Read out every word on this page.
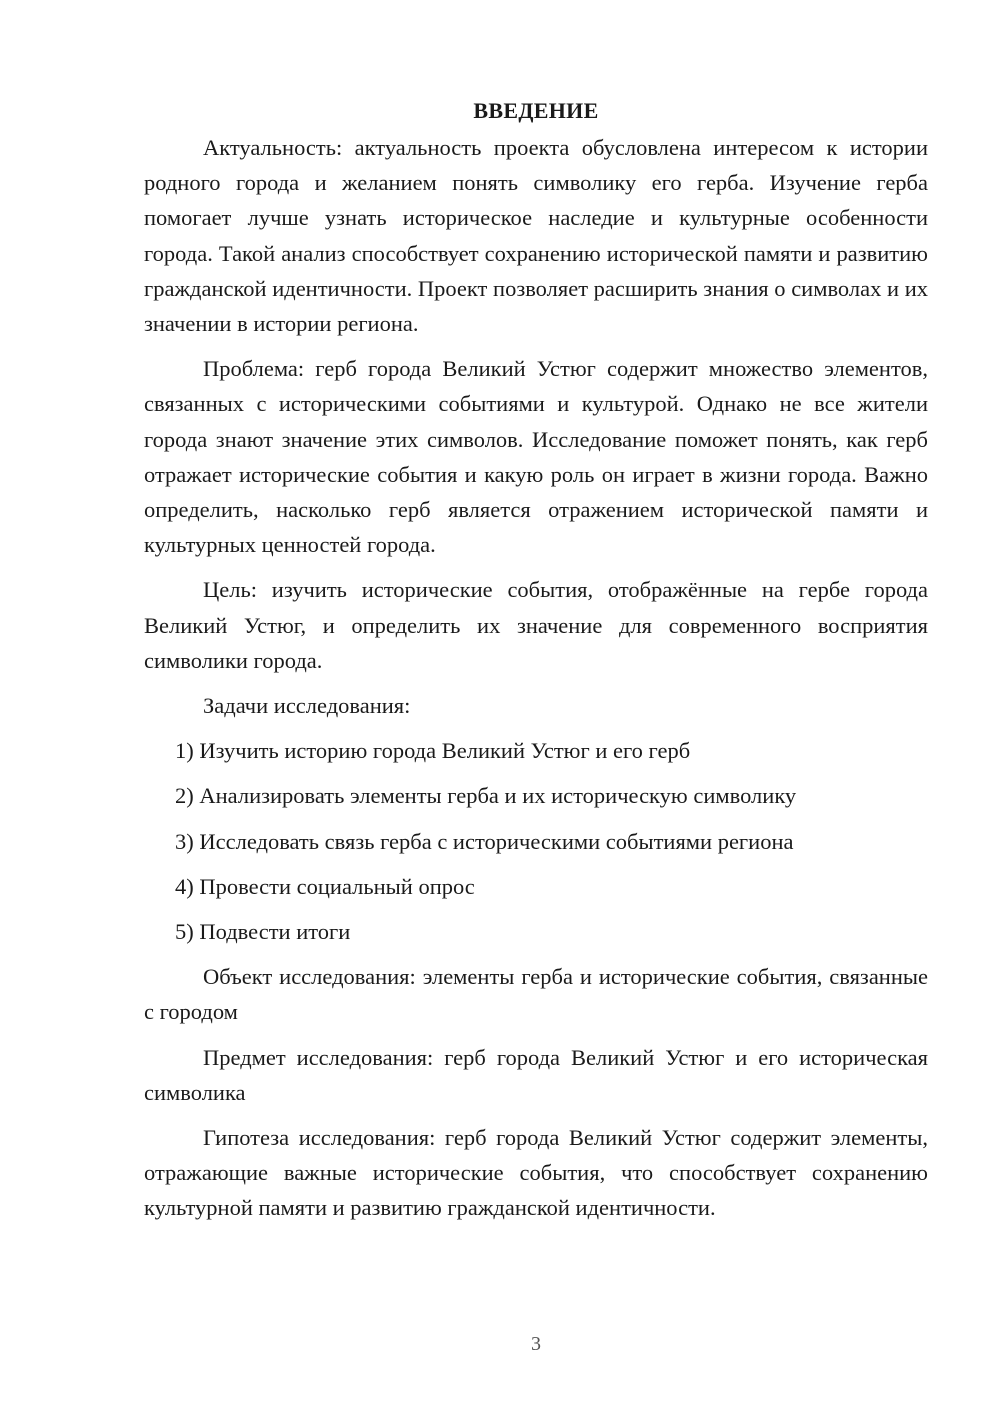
ВВЕДЕНИЕ

Актуальность: актуальность проекта обусловлена интересом к истории родного города и желанием понять символику его герба. Изучение герба помогает лучше узнать историческое наследие и культурные особенности города. Такой анализ способствует сохранению исторической памяти и развитию гражданской идентичности. Проект позволяет расширить знания о символах и их значении в истории региона.

Проблема: герб города Великий Устюг содержит множество элементов, связанных с историческими событиями и культурой. Однако не все жители города знают значение этих символов. Исследование поможет понять, как герб отражает исторические события и какую роль он играет в жизни города. Важно определить, насколько герб является отражением исторической памяти и культурных ценностей города.

Цель: изучить исторические события, отображённые на гербе города Великий Устюг, и определить их значение для современного восприятия символики города.

Задачи исследования:

1) Изучить историю города Великий Устюг и его герб
2) Анализировать элементы герба и их историческую символику
3) Исследовать связь герба с историческими событиями региона
4) Провести социальный опрос
5) Подвести итоги

Объект исследования: элементы герба и исторические события, связанные с городом

Предмет исследования: герб города Великий Устюг и его историческая символика

Гипотеза исследования: герб города Великий Устюг содержит элементы, отражающие важные исторические события, что способствует сохранению культурной памяти и развитию гражданской идентичности.

3
